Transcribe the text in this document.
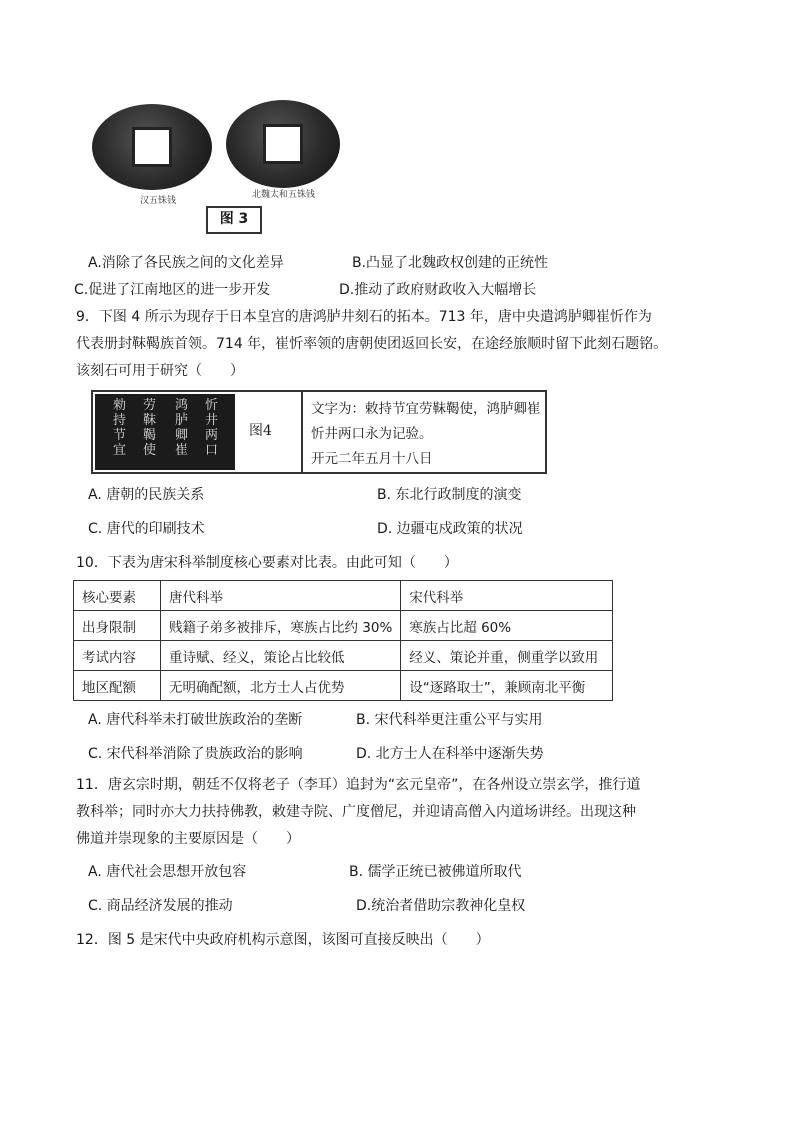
汉五铢钱
北魏太和五铢钱
图 3
A.消除了各民族之间的文化差异	B.凸显了北魏政权创建的正统性
C.促进了江南地区的进一步开发	D.推动了政府财政收入大幅增长
9．下图 4 所示为现存于日本皇宫的唐鸿胪井刻石的拓本。713 年，唐中央遣鸿胪卿崔忻作为
代表册封靺鞨族首领。714 年，崔忻率领的唐朝使团返回长安，在途经旅顺时留下此刻石题铭。
该刻石可用于研究（　　）
勑持节宜
劳靺鞨使
鸿胪卿崔
忻井两口
图4
文字为：敕持节宜劳靺鞨使，鸿胪卿崔
忻井两口永为记验。
开元二年五月十八日
A. 唐朝的民族关系	B. 东北行政制度的演变
C. 唐代的印刷技术	D. 边疆屯戍政策的状况
10．下表为唐宋科举制度核心要素对比表。由此可知（　　）
核心要素	唐代科举	宋代科举
出身限制	贱籍子弟多被排斥，寒族占比约 30%	寒族占比超 60%
考试内容	重诗赋、经义，策论占比较低	经义、策论并重，侧重学以致用
地区配额	无明确配额，北方士人占优势	设“逐路取士”，兼顾南北平衡
A. 唐代科举未打破世族政治的垄断	B. 宋代科举更注重公平与实用
C. 宋代科举消除了贵族政治的影响	D. 北方士人在科举中逐渐失势
11．唐玄宗时期，朝廷不仅将老子（李耳）追封为“玄元皇帝”，在各州设立崇玄学，推行道
教科举；同时亦大力扶持佛教，敕建寺院、广度僧尼，并迎请高僧入内道场讲经。出现这种
佛道并崇现象的主要原因是（　　）
A. 唐代社会思想开放包容	B. 儒学正统已被佛道所取代
C. 商品经济发展的推动	D.统治者借助宗教神化皇权
12．图 5 是宋代中央政府机构示意图，该图可直接反映出（　　）
